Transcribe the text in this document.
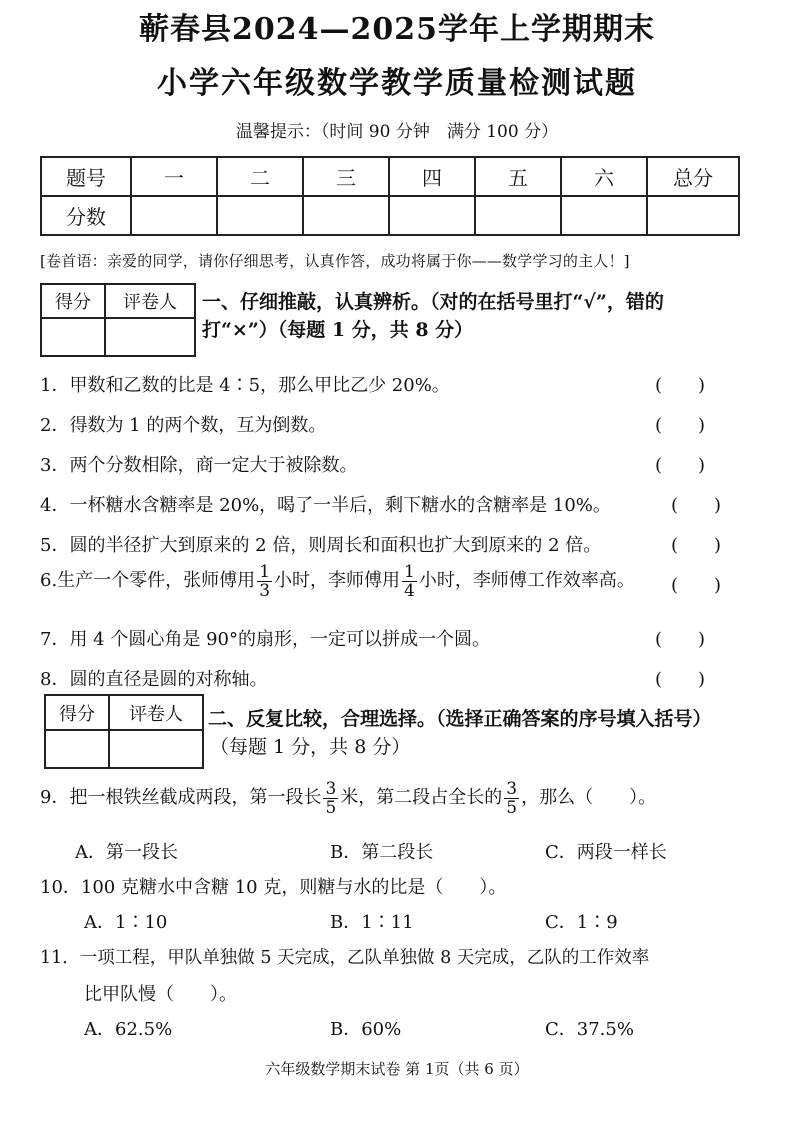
蕲春县2024—2025学年上学期期末
小学六年级数学教学质量检测试题
温馨提示：（时间 90 分钟　满分 100 分）
题号	一	二	三	四	五	六	总分
分数							
[卷首语：亲爱的同学，请你仔细思考，认真作答，成功将属于你——数学学习的主人！]
得分	评卷人
	一、仔细推敲，认真辨析。（对的在括号里打“√”，错的
打“×”）（每题 1 分，共 8 分）
1．甲数和乙数的比是 4∶5，那么甲比乙少 20%。	(　　)
2．得数为 1 的两个数，互为倒数。	(　　)
3．两个分数相除，商一定大于被除数。	(　　)
4．一杯糖水含糖率是 20%，喝了一半后，剩下糖水的含糖率是 10%。	(　　)
5．圆的半径扩大到原来的 2 倍，则周长和面积也扩大到原来的 2 倍。	(　　)
6.生产一个零件，张师傅用 $\frac{1}{3}$ 小时，李师傅用 $\frac{1}{4}$ 小时，李师傅工作效率高。 (　　)
7．用 4 个圆心角是 90°的扇形，一定可以拼成一个圆。	(　　)
8．圆的直径是圆的对称轴。	(　　)
得分	评卷人
	二、反复比较，合理选择。（选择正确答案的序号填入括号）
（每题 1 分，共 8 分）
9．把一根铁丝截成两段，第一段长 $\frac{3}{5}$ 米，第二段占全长的 $\frac{3}{5}$ ，那么（　　）。
A．第一段长	B．第二段长	C．两段一样长
10．100 克糖水中含糖 10 克，则糖与水的比是（　　）。
A．1∶10	B．1∶11	C．1∶9
11．一项工程，甲队单独做 5 天完成，乙队单独做 8 天完成，乙队的工作效率
比甲队慢（　　）。
A．62.5%	B．60%	C．37.5%
六年级数学期末试卷 第 1页（共 6 页）
